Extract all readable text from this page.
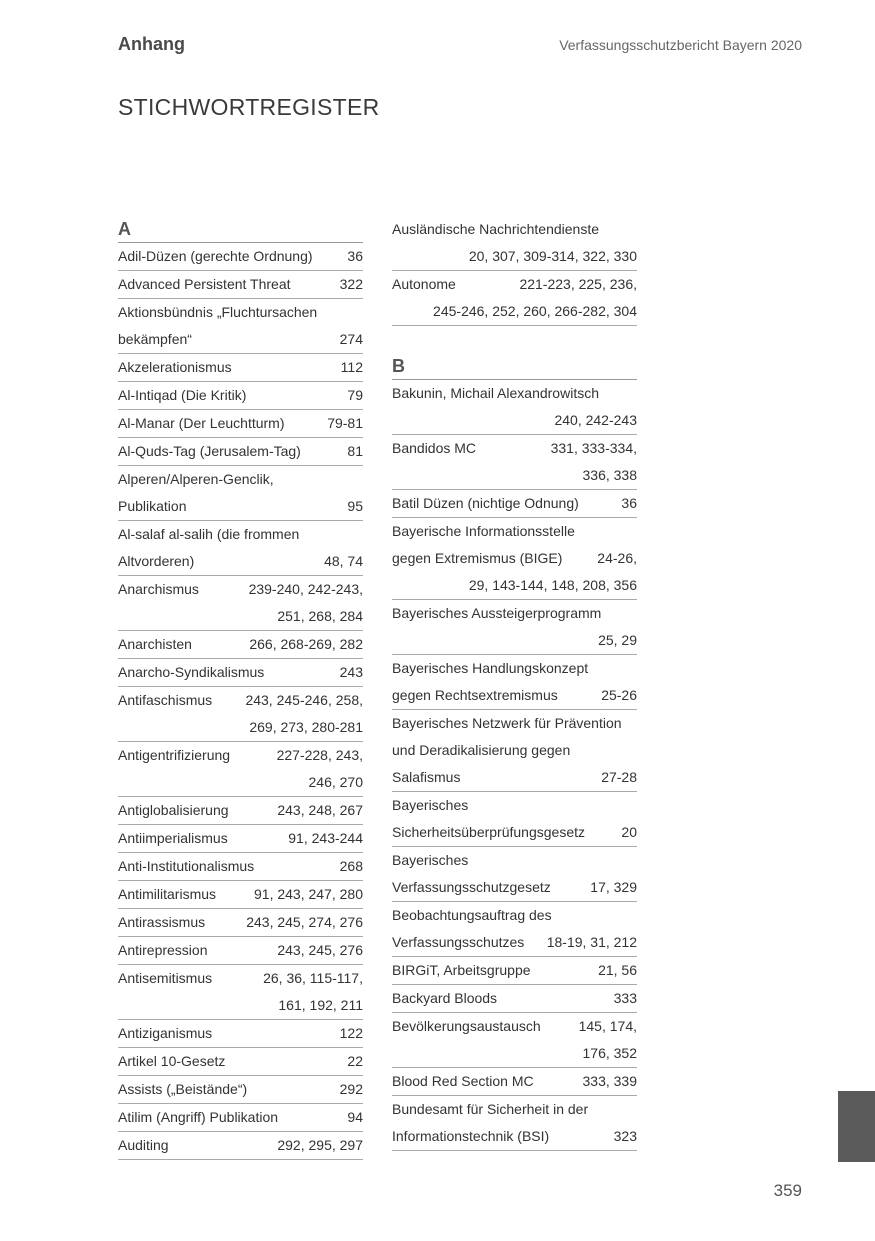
Anhang	Verfassungsschutzbericht Bayern 2020
STICHWORTREGISTER
A
Adil-Düzen (gerechte Ordnung) 36
Advanced Persistent Threat	322
Aktionsbündnis „Fluchtursachen
bekämpfen“	274
Akzelerationismus	112
Al-Intiqad (Die Kritik)	79
Al-Manar (Der Leuchtturm)	79-81
Al-Quds-Tag (Jerusalem-Tag)	81
Alperen/Alperen-Genclik,
Publikation	95
Al-salaf al-salih (die frommen
Altvorderen)	48, 74
Anarchismus	239-240, 242-243,
251, 268, 284
Anarchisten	266, 268-269, 282
Anarcho-Syndikalismus	243
Antifaschismus 243, 245-246, 258,
269, 273, 280-281
Antigentrifizierung	227-228, 243,
246, 270
Antiglobalisierung	243, 248, 267
Antiimperialismus	91, 243-244
Anti-Institutionalismus	268
Antimilitarismus	91, 243, 247, 280
Antirassismus	243, 245, 274, 276
Antirepression	243, 245, 276
Antisemitismus	26, 36, 115-117,
161, 192, 211
Antiziganismus	122
Artikel 10-Gesetz	22
Assists („Beistände“)	292
Atilim (Angriff) Publikation	94
Auditing	292, 295, 297
Ausländische Nachrichtendienste
20, 307, 309-314, 322, 330
Autonome	221-223, 225, 236,
245-246, 252, 260, 266-282, 304
B
Bakunin, Michail Alexandrowitsch
240, 242-243
Bandidos MC	331, 333-334,
336, 338
Batil Düzen (nichtige Odnung)	36
Bayerische Informationsstelle
gegen Extremismus (BIGE) 24-26,
29, 143-144, 148, 208, 356
Bayerisches Aussteigerprogramm
25, 29
Bayerisches Handlungskonzept
gegen Rechtsextremismus	25-26
Bayerisches Netzwerk für Prävention
und Deradikalisierung gegen
Salafismus	27-28
Bayerisches
Sicherheitsüberprüfungsgesetz	20
Bayerisches
Verfassungsschutzgesetz	17, 329
Beobachtungsauftrag des
Verfassungsschutzes 18-19, 31, 212
BIRGiT, Arbeitsgruppe	21, 56
Backyard Bloods	333
Bevölkerungsaustausch	145, 174,
176, 352
Blood Red Section MC	333, 339
Bundesamt für Sicherheit in der
Informationstechnik (BSI)	323
359
